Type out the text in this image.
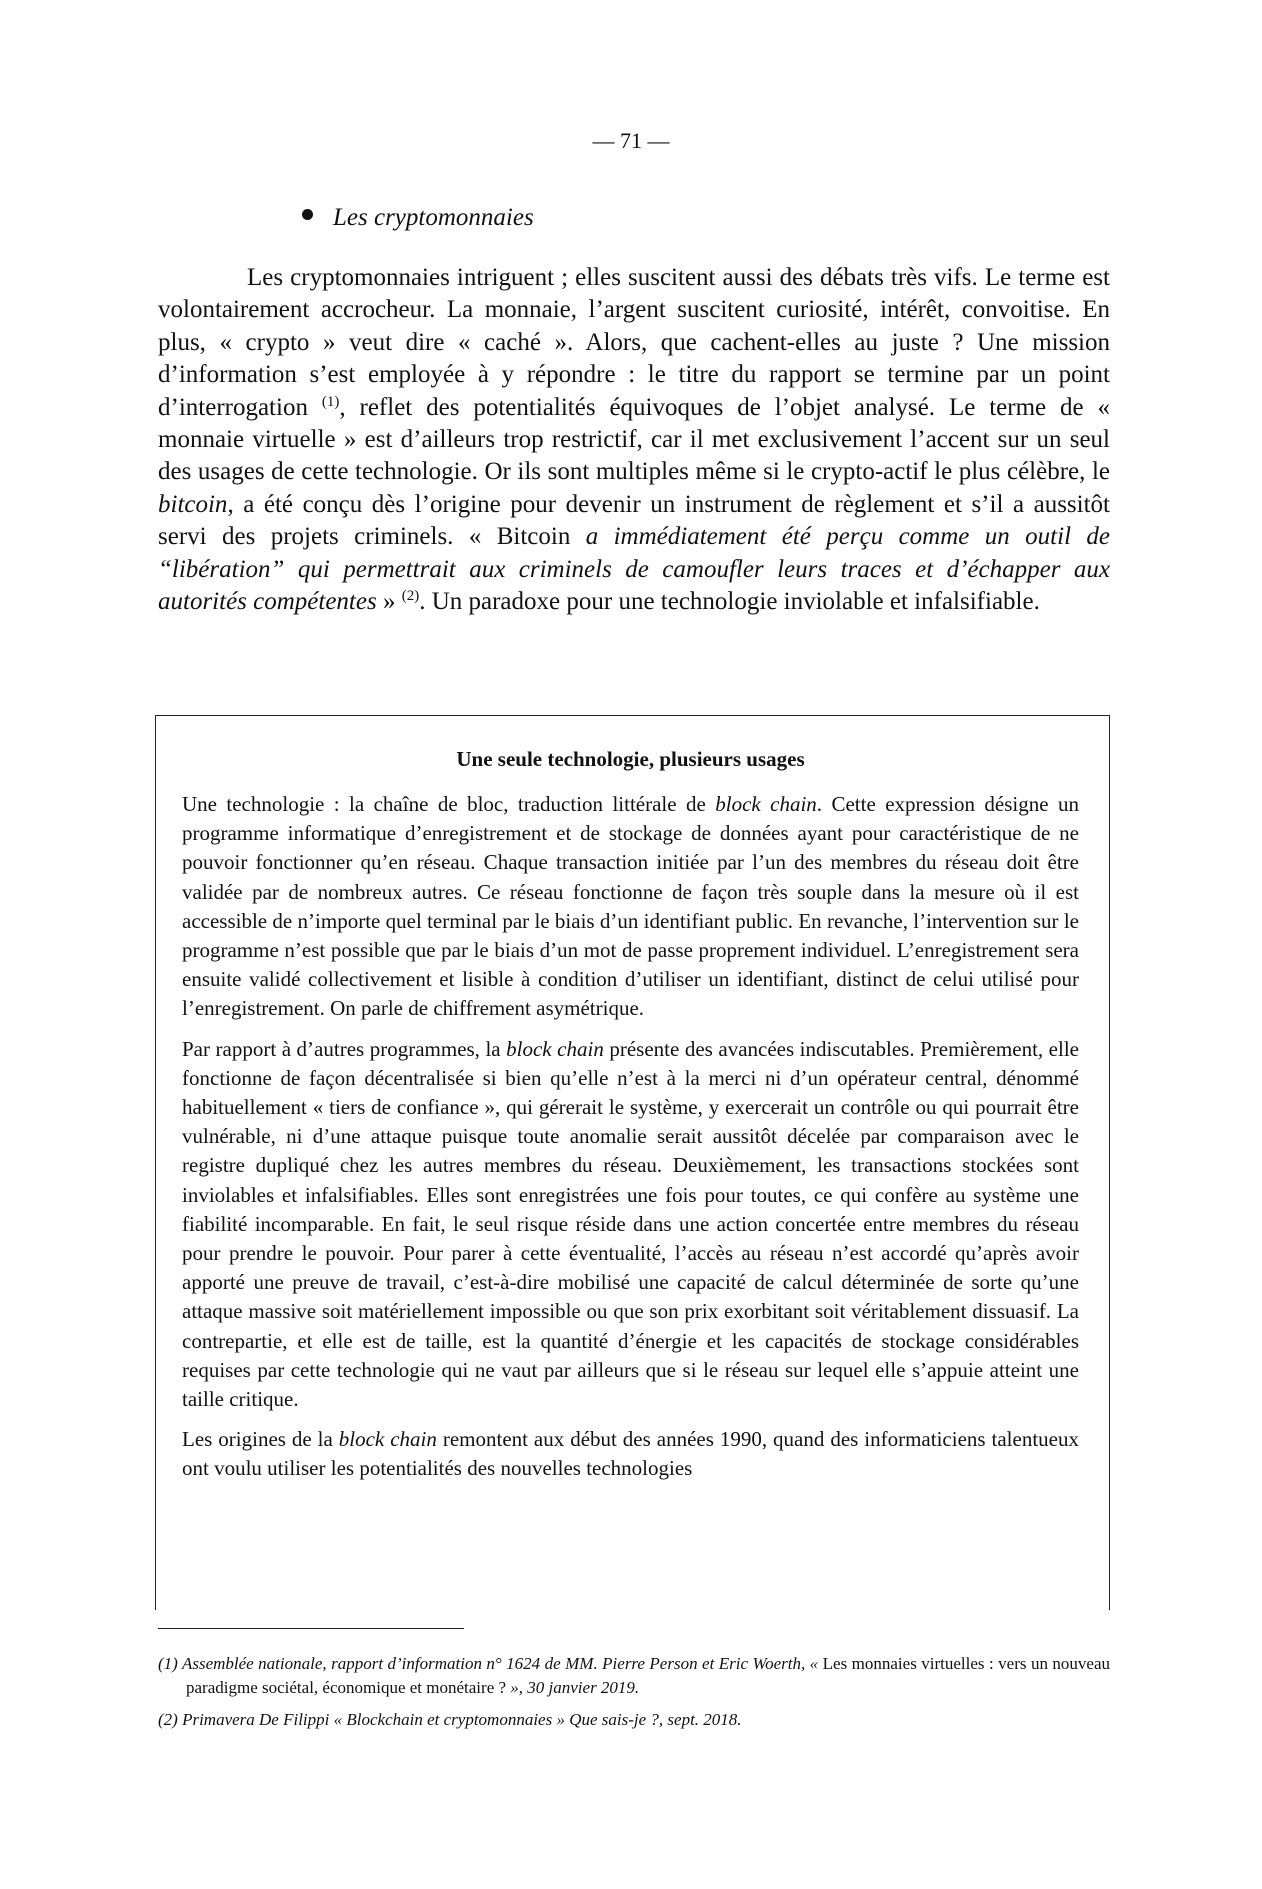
— 71 —
Les cryptomonnaies

Les cryptomonnaies intriguent ; elles suscitent aussi des débats très vifs. Le terme est volontairement accrocheur. La monnaie, l’argent suscitent curiosité, intérêt, convoitise. En plus, « crypto » veut dire « caché ». Alors, que cachent-elles au juste ? Une mission d’information s’est employée à y répondre : le titre du rapport se termine par un point d’interrogation $^{(1)}$, reflet des potentialités équivoques de l’objet analysé. Le terme de « monnaie virtuelle » est d’ailleurs trop restrictif, car il met exclusivement l’accent sur un seul des usages de cette technologie. Or ils sont multiples même si le crypto-actif le plus célèbre, le bitcoin, a été conçu dès l’origine pour devenir un instrument de règlement et s’il a aussitôt servi des projets criminels. « Bitcoin a immédiatement été perçu comme un outil de “libération” qui permettrait aux criminels de camoufler leurs traces et d’échapper aux autorités compétentes » $^{(2)}$. Un paradoxe pour une technologie inviolable et infalsifiable.

Une seule technologie, plusieurs usages

Une technologie : la chaîne de bloc, traduction littérale de block chain. Cette expression désigne un programme informatique d’enregistrement et de stockage de données ayant pour caractéristique de ne pouvoir fonctionner qu’en réseau. Chaque transaction initiée par l’un des membres du réseau doit être validée par de nombreux autres. Ce réseau fonctionne de façon très souple dans la mesure où il est accessible de n’importe quel terminal par le biais d’un identifiant public. En revanche, l’intervention sur le programme n’est possible que par le biais d’un mot de passe proprement individuel. L’enregistrement sera ensuite validé collectivement et lisible à condition d’utiliser un identifiant, distinct de celui utilisé pour l’enregistrement. On parle de chiffrement asymétrique.

Par rapport à d’autres programmes, la block chain présente des avancées indiscutables. Premièrement, elle fonctionne de façon décentralisée si bien qu’elle n’est à la merci ni d’un opérateur central, dénommé habituellement « tiers de confiance », qui gérerait le système, y exercerait un contrôle ou qui pourrait être vulnérable, ni d’une attaque puisque toute anomalie serait aussitôt décelée par comparaison avec le registre dupliqué chez les autres membres du réseau. Deuxièmement, les transactions stockées sont inviolables et infalsifiables. Elles sont enregistrées une fois pour toutes, ce qui confère au système une fiabilité incomparable. En fait, le seul risque réside dans une action concertée entre membres du réseau pour prendre le pouvoir. Pour parer à cette éventualité, l’accès au réseau n’est accordé qu’après avoir apporté une preuve de travail, c’est-à-dire mobilisé une capacité de calcul déterminée de sorte qu’une attaque massive soit matériellement impossible ou que son prix exorbitant soit véritablement dissuasif. La contrepartie, et elle est de taille, est la quantité d’énergie et les capacités de stockage considérables requises par cette technologie qui ne vaut par ailleurs que si le réseau sur lequel elle s’appuie atteint une taille critique.

Les origines de la block chain remontent aux début des années 1990, quand des informaticiens talentueux ont voulu utiliser les potentialités des nouvelles technologies

(1) Assemblée nationale, rapport d’information n° 1624 de MM. Pierre Person et Eric Woerth, « Les monnaies virtuelles : vers un nouveau paradigme sociétal, économique et monétaire ? », 30 janvier 2019.

(2) Primavera De Filippi « Blockchain et cryptomonnaies » Que sais-je ?, sept. 2018.
